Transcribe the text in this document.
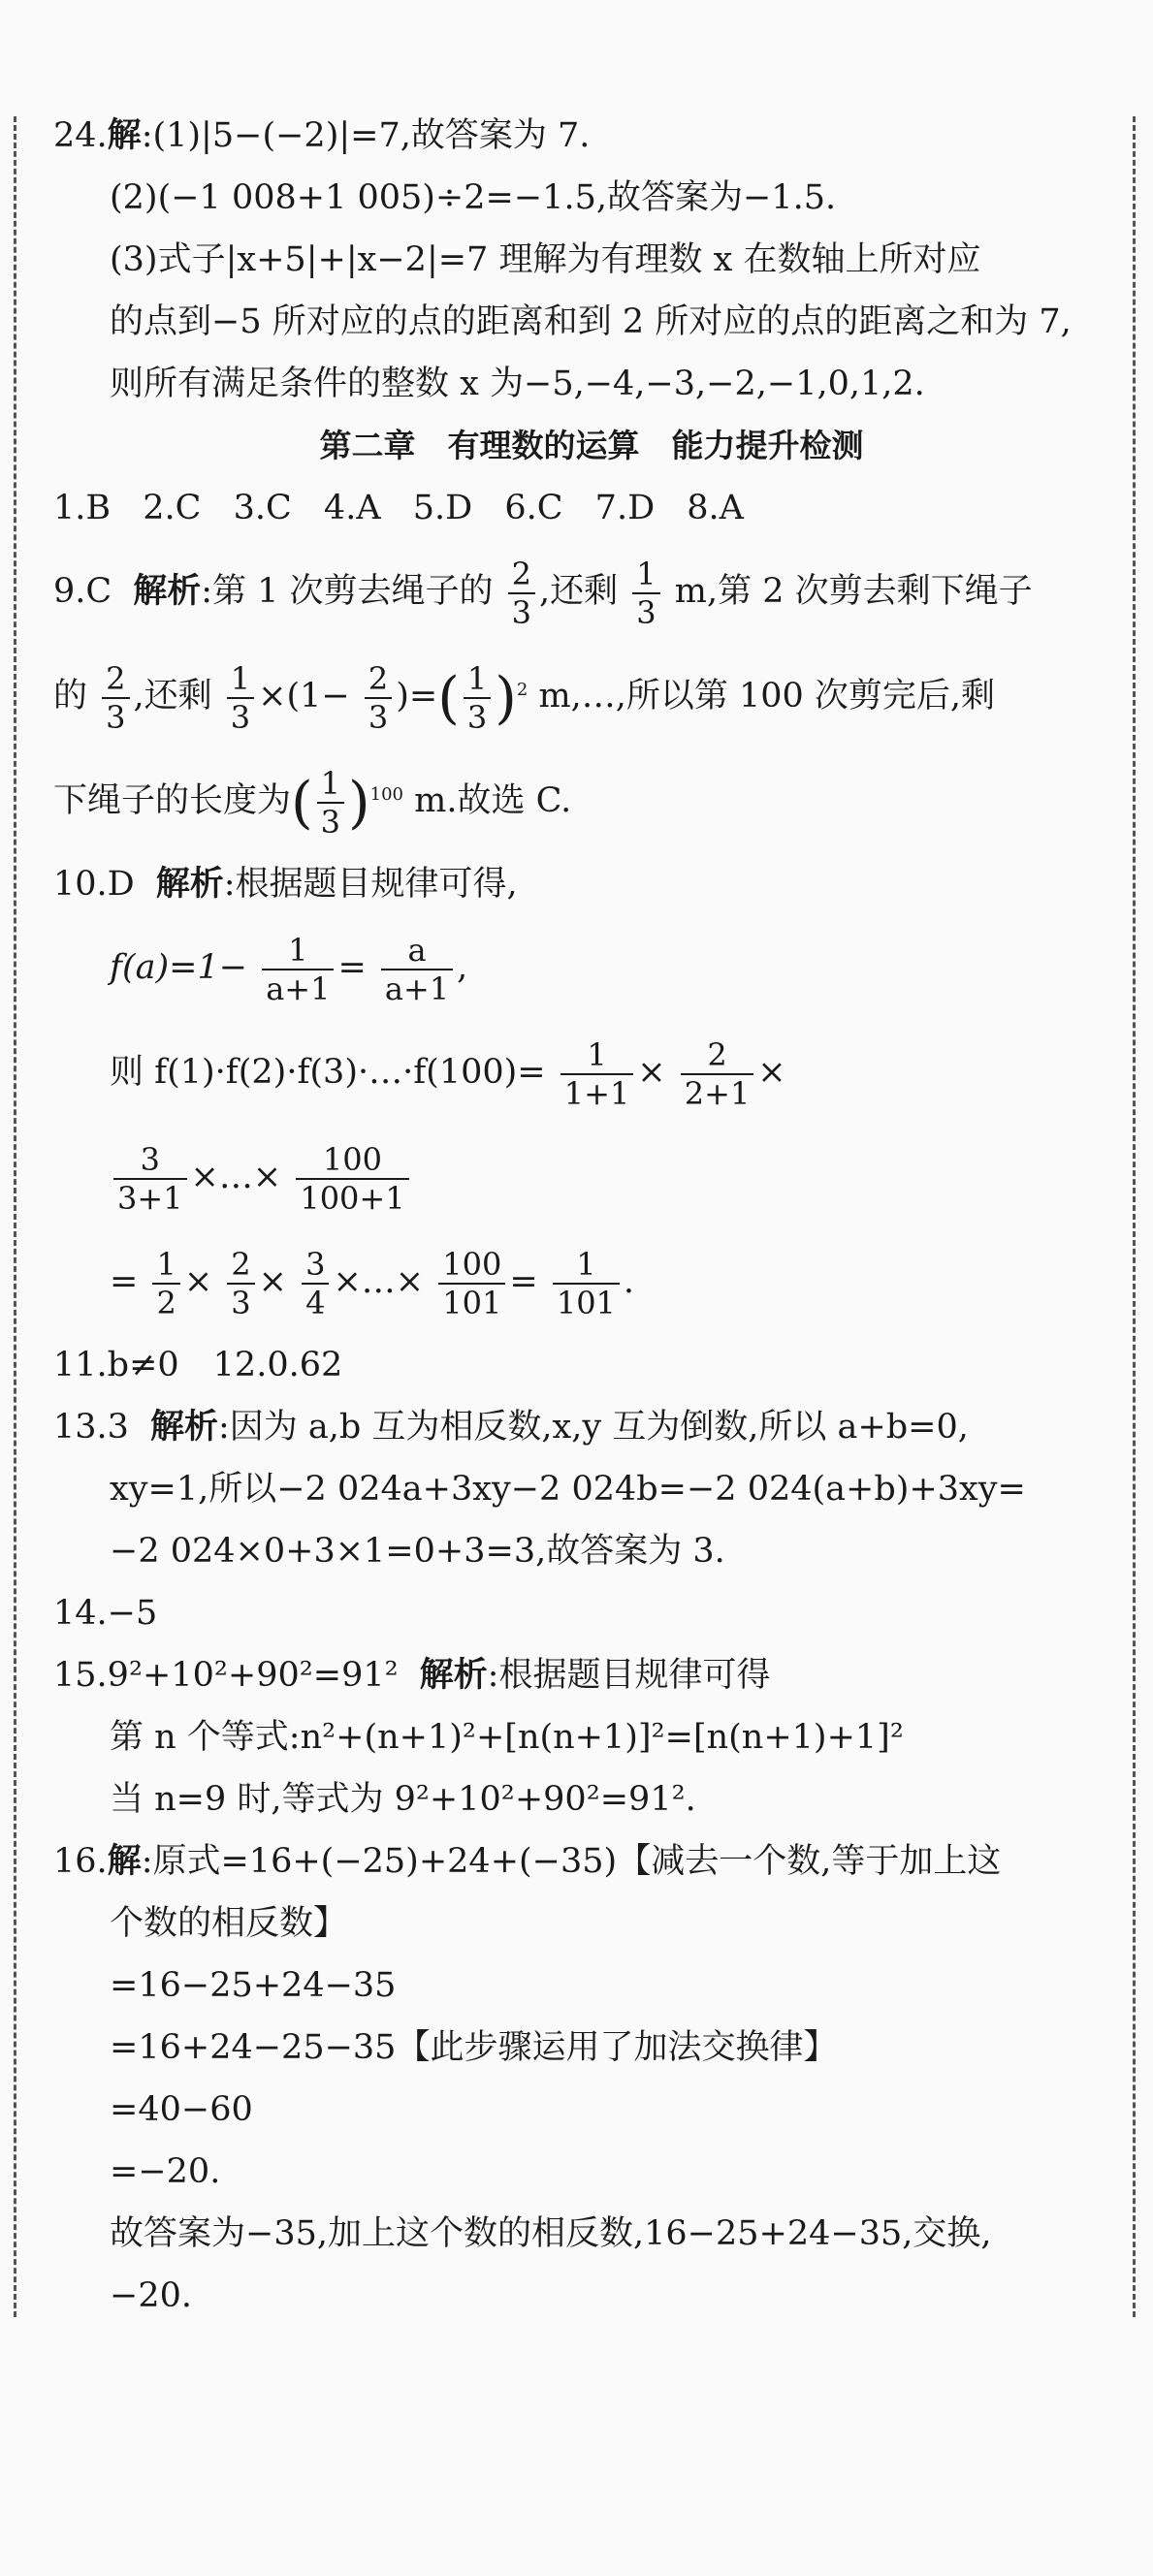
24.解:(1)|5−(−2)|=7,故答案为 7.
(2)(−1 008+1 005)÷2=−1.5,故答案为−1.5.
(3)式子|x+5|+|x−2|=7 理解为有理数 x 在数轴上所对应
的点到−5 所对应的点的距离和到 2 所对应的点的距离之和为 7,
则所有满足条件的整数 x 为−5,−4,−3,−2,−1,0,1,2.
第二章　有理数的运算　能力提升检测
1.B 2.C 3.C 4.A 5.D 6.C 7.D 8.A
9.C 解析:第 1 次剪去绳子的 $\frac{2}{3}$ ,还剩 $\frac{1}{3} m$,第 2 次剪去剩下绳子
的 $\frac{2}{3}$ ,还剩 $\frac{1}{3} \times(1- \frac{2}{3}$ )=( $\frac{1}{3} )^2$ m,…,所以第 100 次剪完后,剩
下绳子的长度为( $\frac{1}{3} )^{100}$ m.故选 C.
10.D 解析:根据题目规律可得,
$f(a)=1- \frac{1}{a+1} = \frac{a}{a+1}$ ,
则 f(1)·f(2)·f(3)·…·f(100)= $\frac{1}{1+1} \times \frac{2}{2+1}$ ×
$\frac{3}{3+1}$ ×…× $\frac{100}{100+1}$
= $\frac{1}{2} \times \frac{2}{3} \times \frac{3}{4}$ ×…× $\frac{100}{101} = \frac{1}{101}$ .
11.b≠0　12.0.62
13.3 解析:因为 a,b 互为相反数,x,y 互为倒数,所以 a+b=0,
xy=1,所以−2 024a+3xy−2 024b=−2 024(a+b)+3xy=
−2 024×0+3×1=0+3=3,故答案为 3.
14.−5
15.9²+10²+90²=91² 解析:根据题目规律可得
第 n 个等式:n²+(n+1)²+[n(n+1)]²=[n(n+1)+1]²
当 n=9 时,等式为 9²+10²+90²=91².
16.解:原式=16+(−25)+24+(−35)【减去一个数,等于加上这
个数的相反数】
=16−25+24−35
=16+24−25−35【此步骤运用了加法交换律】
=40−60
=−20.
故答案为−35,加上这个数的相反数,16−25+24−35,交换,
−20.
